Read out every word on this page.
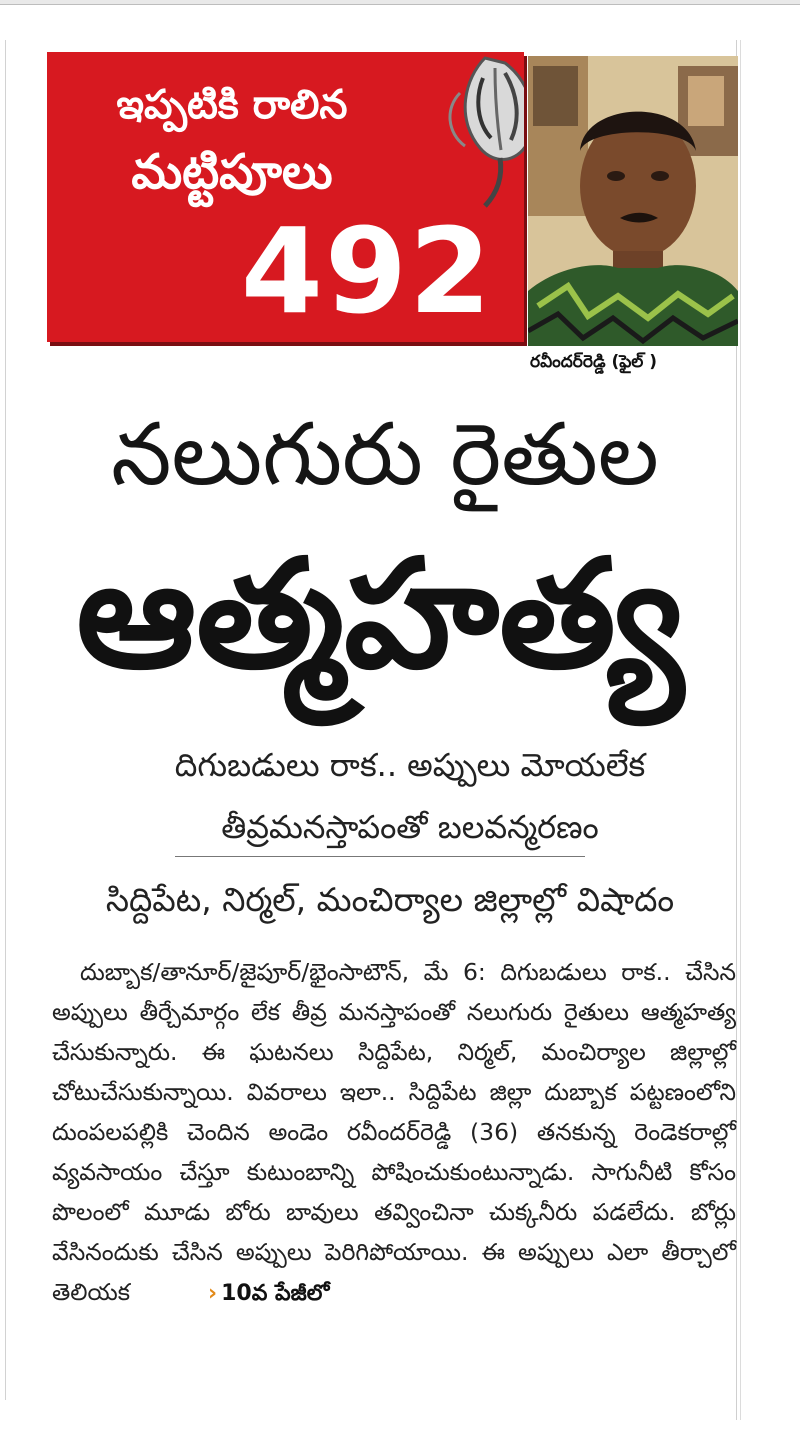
ఇప్పటికి రాలిన
మట్టిపూలు
492
రవీందర్‌రెడ్డి (ఫైల్ )
నలుగురు రైతుల
ఆత్మహత్య
దిగుబడులు రాక.. అప్పులు మోయలేక
తీవ్రమనస్తాపంతో బలవన్మరణం
సిద్దిపేట, నిర్మల్, మంచిర్యాల జిల్లాల్లో విషాదం

దుబ్బాక/తానూర్/జైపూర్/భైంసాటౌన్, మే 6: దిగుబడులు రాక.. చేసిన అప్పులు తీర్చేమార్గం లేక తీవ్ర మనస్తాపంతో నలుగురు రైతులు ఆత్మహత్య చేసుకున్నారు. ఈ ఘటనలు సిద్దిపేట, నిర్మల్, మంచిర్యాల జిల్లాల్లో చోటుచేసుకున్నాయి. వివరాలు ఇలా.. సిద్దిపేట జిల్లా దుబ్బాక పట్టణంలోని దుంపలపల్లికి చెందిన అండెం రవీందర్‌రెడ్డి (36) తనకున్న రెండెకరాల్లో వ్యవసాయం చేస్తూ కుటుంబాన్ని పోషించుకుంటున్నాడు. సాగునీటి కోసం పొలంలో మూడు బోరు బావులు తవ్వించినా చుక్కనీరు పడలేదు. బోర్లు వేసినందుకు చేసిన అప్పులు పెరిగిపోయాయి. ఈ అప్పులు ఎలా తీర్చాలో తెలియక	› 10వ పేజీలో
